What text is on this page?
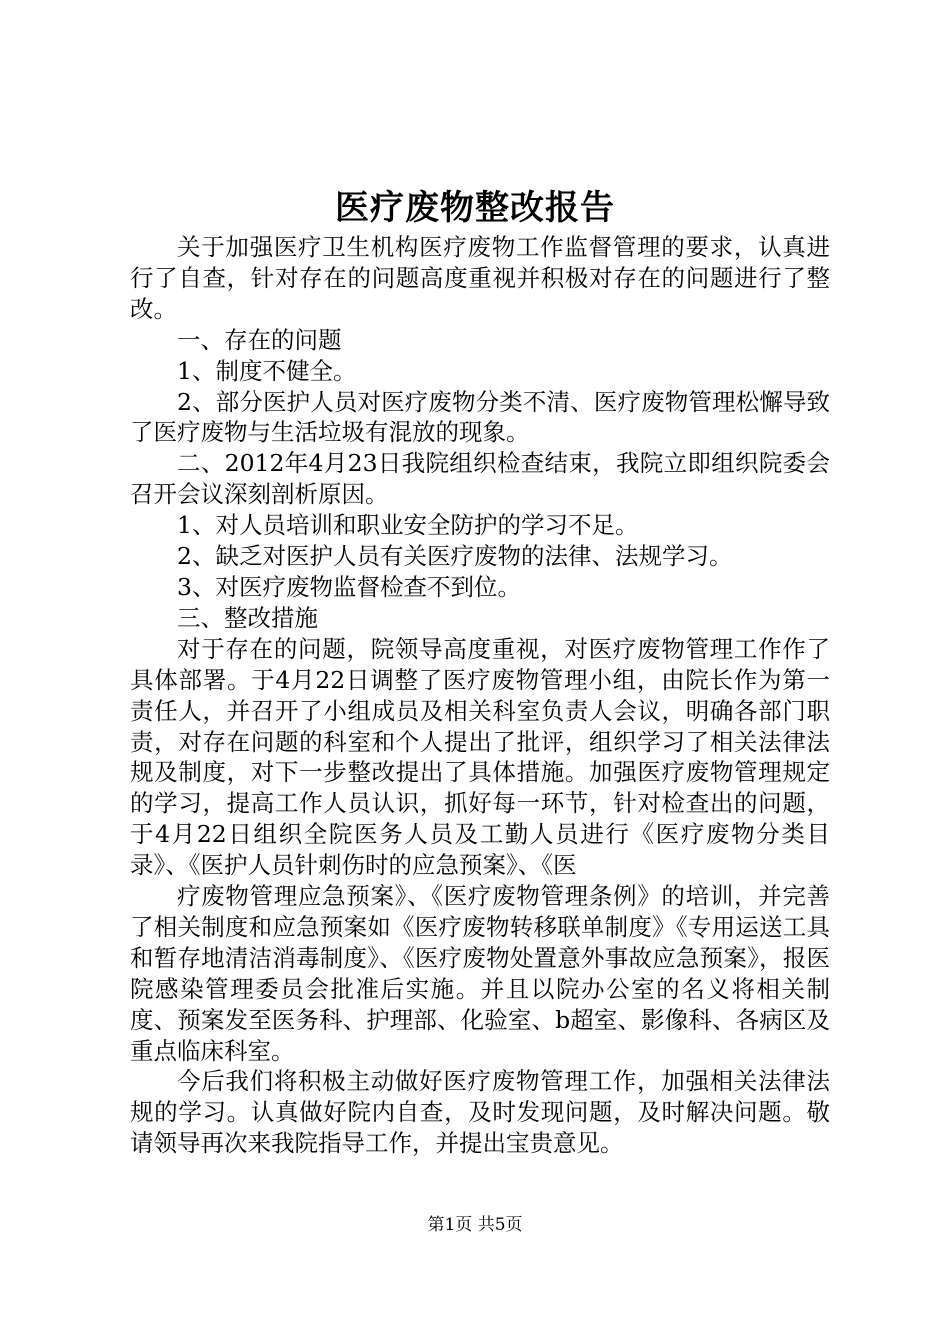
医疗废物整改报告

关于加强医疗卫生机构医疗废物工作监督管理的要求，认真进行了自查，针对存在的问题高度重视并积极对存在的问题进行了整改。

一、存在的问题

1、制度不健全。

2、部分医护人员对医疗废物分类不清、医疗废物管理松懈导致了医疗废物与生活垃圾有混放的现象。

二、2012年4月23日我院组织检查结束，我院立即组织院委会召开会议深刻剖析原因。

1、对人员培训和职业安全防护的学习不足。

2、缺乏对医护人员有关医疗废物的法律、法规学习。

3、对医疗废物监督检查不到位。

三、整改措施

对于存在的问题，院领导高度重视，对医疗废物管理工作作了具体部署。于4月22日调整了医疗废物管理小组，由院长作为第一责任人，并召开了小组成员及相关科室负责人会议，明确各部门职责，对存在问题的科室和个人提出了批评，组织学习了相关法律法规及制度，对下一步整改提出了具体措施。加强医疗废物管理规定的学习，提高工作人员认识，抓好每一环节，针对检查出的问题，于4月22日组织全院医务人员及工勤人员进行《医疗废物分类目录》、《医护人员针刺伤时的应急预案》、《医

疗废物管理应急预案》、《医疗废物管理条例》的培训，并完善了相关制度和应急预案如《医疗废物转移联单制度》《专用运送工具和暂存地清洁消毒制度》、《医疗废物处置意外事故应急预案》，报医院感染管理委员会批准后实施。并且以院办公室的名义将相关制度、预案发至医务科、护理部、化验室、b超室、影像科、各病区及重点临床科室。

今后我们将积极主动做好医疗废物管理工作，加强相关法律法规的学习。认真做好院内自查，及时发现问题，及时解决问题。敬请领导再次来我院指导工作，并提出宝贵意见。

第1页 共5页
